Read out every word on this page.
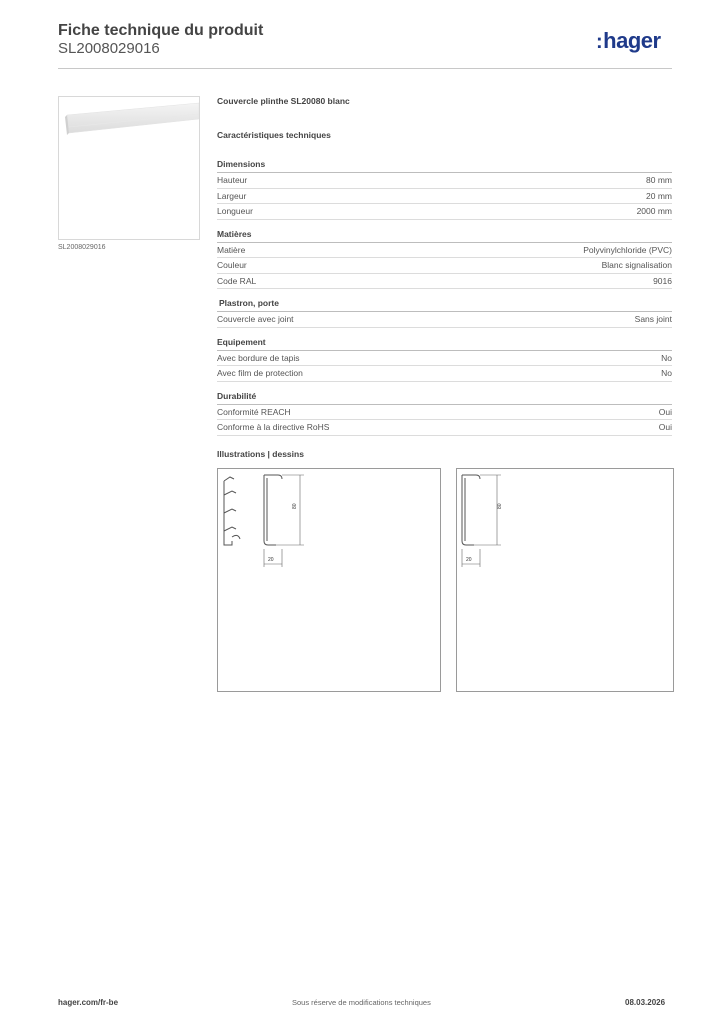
Fiche technique du produit
SL2008029016	:hager
SL2008029016
Couvercle plinthe SL20080 blanc
Caractéristiques techniques
Dimensions
Hauteur	80 mm
Largeur	20 mm
Longueur	2000 mm
Matières
Matière	Polyvinylchloride (PVC)
Couleur	Blanc signalisation
Code RAL	9016
Plastron, porte
Couvercle avec joint	Sans joint
Equipement
Avec bordure de tapis	No
Avec film de protection	No
Durabilité
Conformité REACH	Oui
Conforme à la directive RoHS	Oui
Illustrations | dessins
80
20
80
20
hager.com/fr-be	Sous réserve de modifications techniques	08.03.2026
